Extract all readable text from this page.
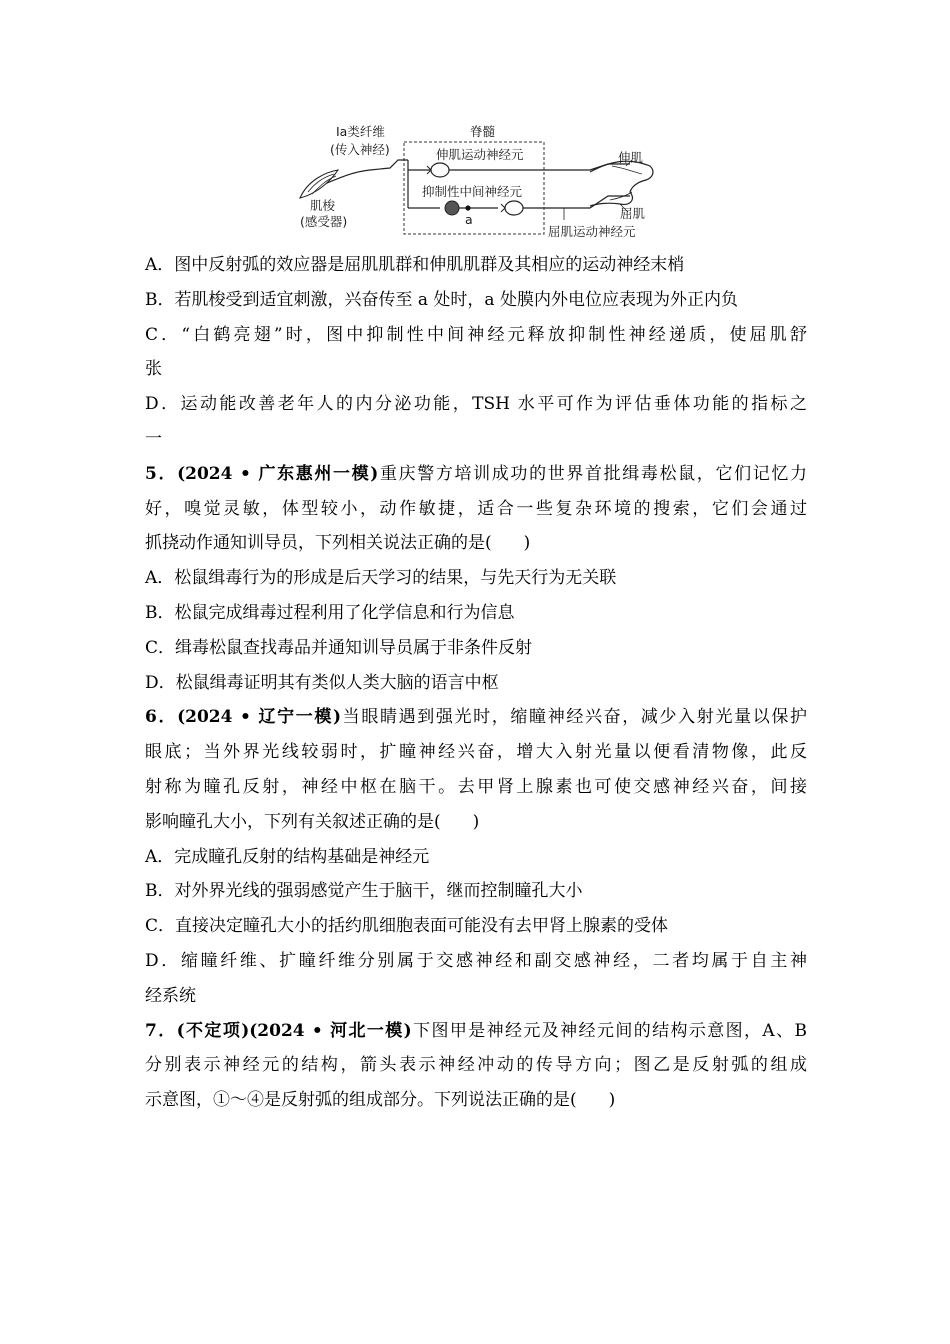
Ia类纤维
(传入神经)
脊髓
伸肌运动神经元
抑制性中间神经元
a
肌梭
(感受器)
伸肌
屈肌
屈肌运动神经元
A．图中反射弧的效应器是屈肌肌群和伸肌肌群及其相应的运动神经末梢
B．若肌梭受到适宜刺激，兴奋传至 a 处时，a 处膜内外电位应表现为外正内负
C．“白鹤亮翅”时，图中抑制性中间神经元释放抑制性神经递质，使屈肌舒
张
D．运动能改善老年人的内分泌功能，TSH 水平可作为评估垂体功能的指标之
一
5．(2024 • 广东惠州一模)重庆警方培训成功的世界首批缉毒松鼠，它们记忆力
好，嗅觉灵敏，体型较小，动作敏捷，适合一些复杂环境的搜索，它们会通过
抓挠动作通知训导员，下列相关说法正确的是( )
A．松鼠缉毒行为的形成是后天学习的结果，与先天行为无关联
B．松鼠完成缉毒过程利用了化学信息和行为信息
C．缉毒松鼠查找毒品并通知训导员属于非条件反射
D．松鼠缉毒证明其有类似人类大脑的语言中枢
6．(2024 • 辽宁一模)当眼睛遇到强光时，缩瞳神经兴奋，减少入射光量以保护
眼底；当外界光线较弱时，扩瞳神经兴奋，增大入射光量以便看清物像，此反
射称为瞳孔反射，神经中枢在脑干。去甲肾上腺素也可使交感神经兴奋，间接
影响瞳孔大小，下列有关叙述正确的是( )
A．完成瞳孔反射的结构基础是神经元
B．对外界光线的强弱感觉产生于脑干，继而控制瞳孔大小
C．直接决定瞳孔大小的括约肌细胞表面可能没有去甲肾上腺素的受体
D．缩瞳纤维、扩瞳纤维分别属于交感神经和副交感神经，二者均属于自主神
经系统
7．(不定项)(2024 • 河北一模)下图甲是神经元及神经元间的结构示意图，A、B
分别表示神经元的结构，箭头表示神经冲动的传导方向；图乙是反射弧的组成
示意图，①～④是反射弧的组成部分。下列说法正确的是( )
